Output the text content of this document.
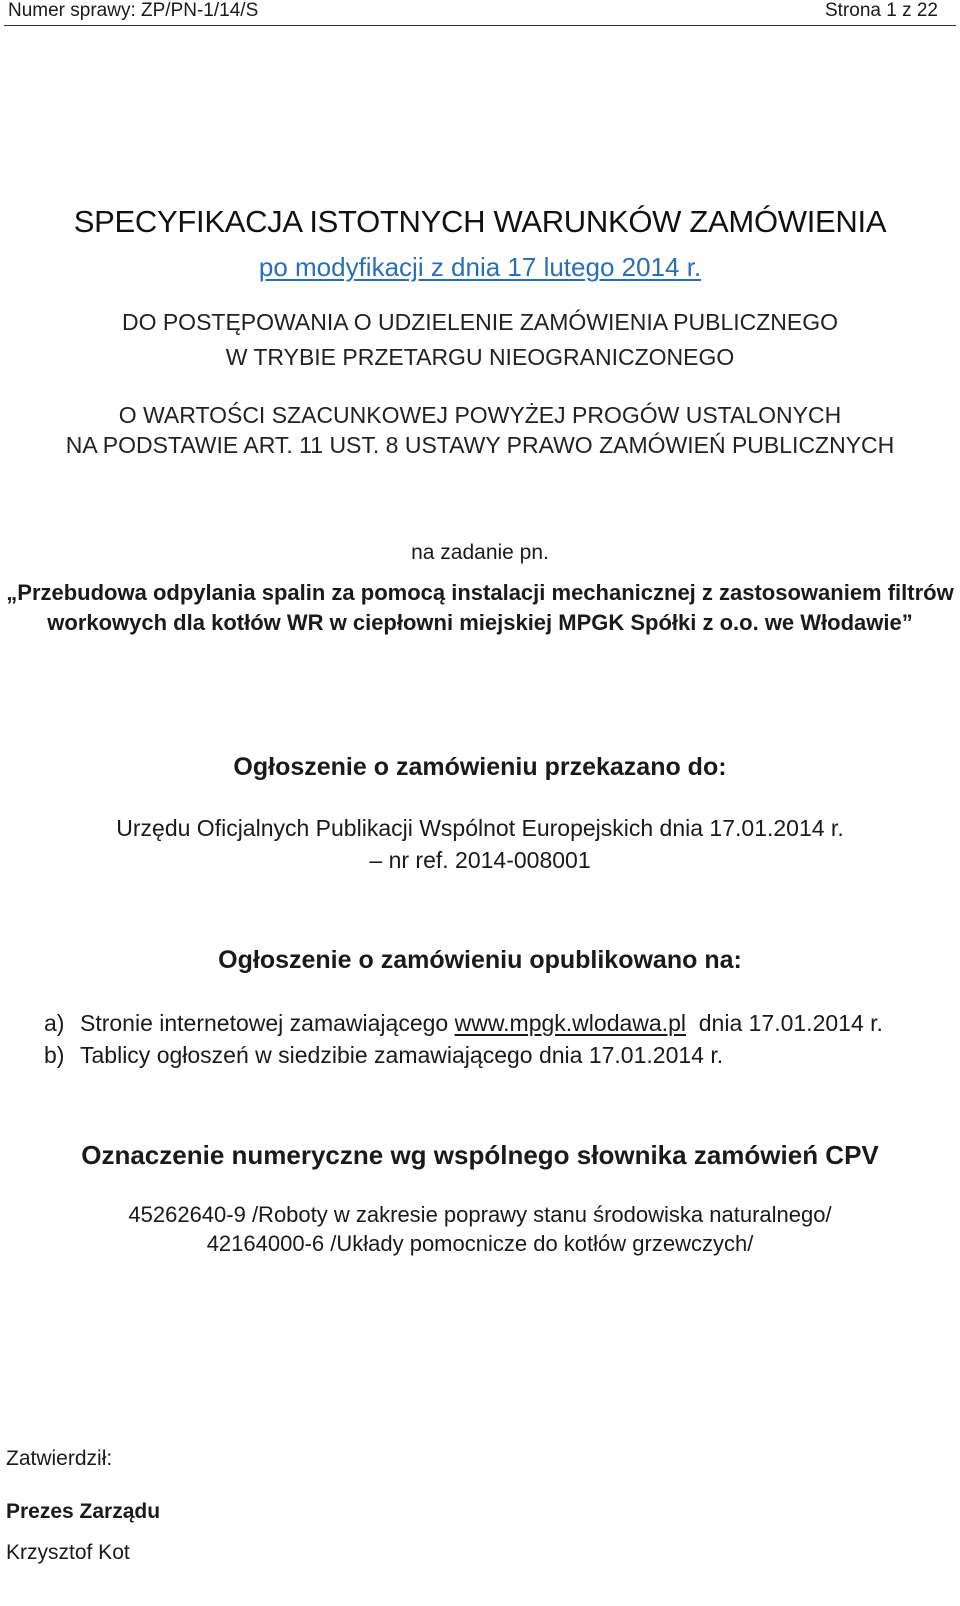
Numer sprawy: ZP/PN-1/14/S	Strona 1 z 22
SPECYFIKACJA ISTOTNYCH WARUNKÓW ZAMÓWIENIA
po modyfikacji z dnia 17 lutego 2014 r.
DO POSTĘPOWANIA O UDZIELENIE ZAMÓWIENIA PUBLICZNEGO
W TRYBIE PRZETARGU NIEOGRANICZONEGO
O WARTOŚCI SZACUNKOWEJ POWYŻEJ PROGÓW USTALONYCH
NA PODSTAWIE ART. 11 UST. 8 USTAWY PRAWO ZAMÓWIEŃ PUBLICZNYCH
na zadanie pn.
„Przebudowa odpylania spalin za pomocą instalacji mechanicznej z zastosowaniem filtrów
workowych dla kotłów WR w ciepłowni miejskiej MPGK Spółki z o.o. we Włodawie”
Ogłoszenie o zamówieniu przekazano do:
Urzędu Oficjalnych Publikacji Wspólnot Europejskich dnia 17.01.2014 r.
– nr ref. 2014-008001
Ogłoszenie o zamówieniu opublikowano na:
a) Stronie internetowej zamawiającego www.mpgk.wlodawa.pl dnia 17.01.2014 r.
b) Tablicy ogłoszeń w siedzibie zamawiającego dnia 17.01.2014 r.
Oznaczenie numeryczne wg wspólnego słownika zamówień CPV
45262640-9 /Roboty w zakresie poprawy stanu środowiska naturalnego/
42164000-6 /Układy pomocnicze do kotłów grzewczych/
Zatwierdził:
Prezes Zarządu
Krzysztof Kot
